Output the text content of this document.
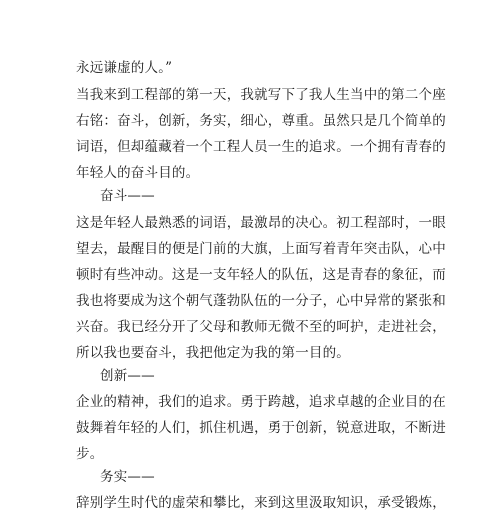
永远谦虚的人。”
当我来到工程部的第一天，我就写下了我人生当中的第二个座
右铭：奋斗，创新，务实，细心，尊重。虽然只是几个简单的
词语，但却蕴藏着一个工程人员一生的追求。一个拥有青春的
年轻人的奋斗目的。
奋斗——
这是年轻人最熟悉的词语，最激昂的决心。初工程部时，一眼
望去，最醒目的便是门前的大旗，上面写着青年突击队，心中
顿时有些冲动。这是一支年轻人的队伍，这是青春的象征，而
我也将要成为这个朝气蓬勃队伍的一分子，心中异常的紧张和
兴奋。我已经分开了父母和教师无微不至的呵护，走进社会，
所以我也要奋斗，我把他定为我的第一目的。
创新——
企业的精神，我们的追求。勇于跨越，追求卓越的企业目的在
鼓舞着年轻的人们，抓住机遇，勇于创新，锐意进取，不断进
步。
务实——
辞别学生时代的虚荣和攀比，来到这里汲取知识，承受锻炼，
